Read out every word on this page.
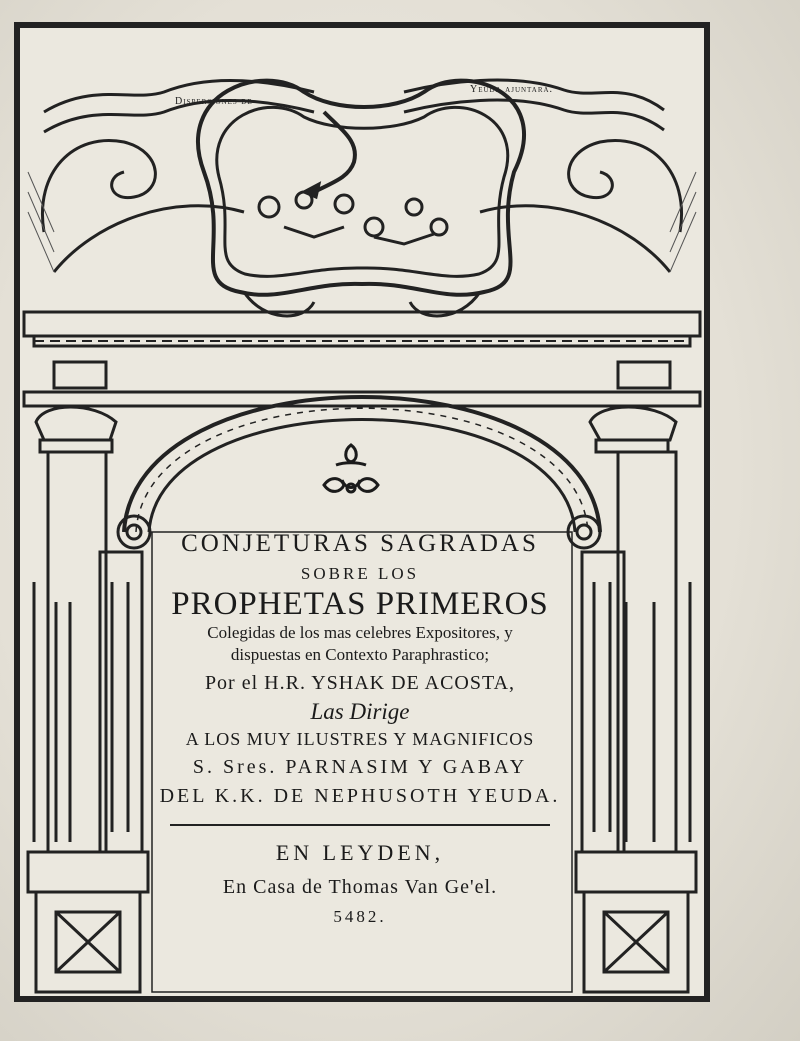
Dispersiones de
Yeuda ajuntará.
CONJETURAS SAGRADAS
SOBRE LOS
PROPHETAS PRIMEROS
Colegidas de los mas celebres Expositores, y
dispuestas en Contexto Paraphrastico;
Por el H.R. YSHAK DE ACOSTA,
Las Dirige
A LOS MUY ILUSTRES Y MAGNIFICOS
S. Sres. PARNASIM Y GABAY
DEL K.K. DE NEPHUSOTH YEUDA.
EN LEYDEN,
En Casa de Thomas Van Ge'el.
5482.
